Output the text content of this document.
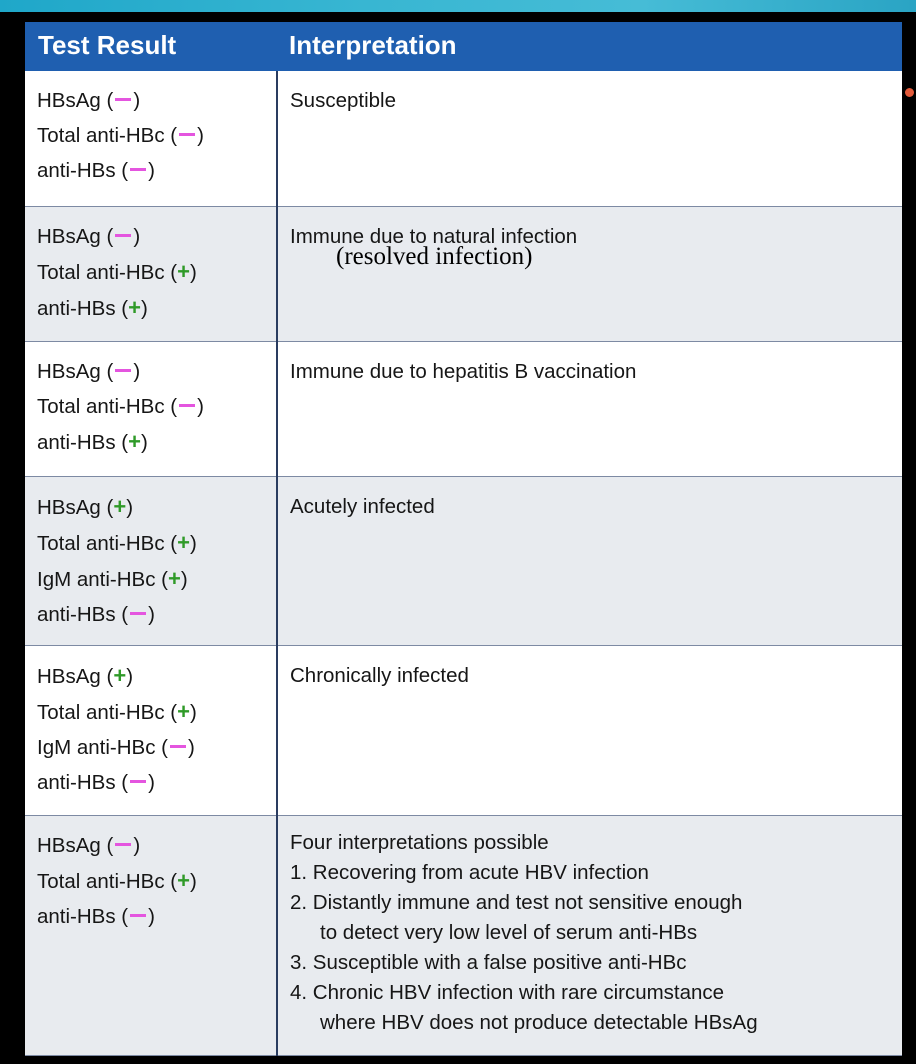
Test Result	Interpretation
HBsAg ( )
Total anti-HBc ( )
anti-HBs ( )
Susceptible
HBsAg ( )
Total anti-HBc (+)
anti-HBs (+)
Immune due to natural infection
HBsAg ( )
Total anti-HBc ( )
anti-HBs (+)
Immune due to hepatitis B vaccination
HBsAg (+)
Total anti-HBc (+)
IgM anti-HBc (+)
anti-HBs ( )
Acutely infected
HBsAg (+)
Total anti-HBc (+)
IgM anti-HBc ( )
anti-HBs ( )
Chronically infected
HBsAg ( )
Total anti-HBc (+)
anti-HBs ( )
Four interpretations possible
1. Recovering from acute HBV infection
2. Distantly immune and test not sensitive enough
to detect very low level of serum anti-HBs
3. Susceptible with a false positive anti-HBc
4. Chronic HBV infection with rare circumstance
where HBV does not produce detectable HBsAg
(resolved infection)
